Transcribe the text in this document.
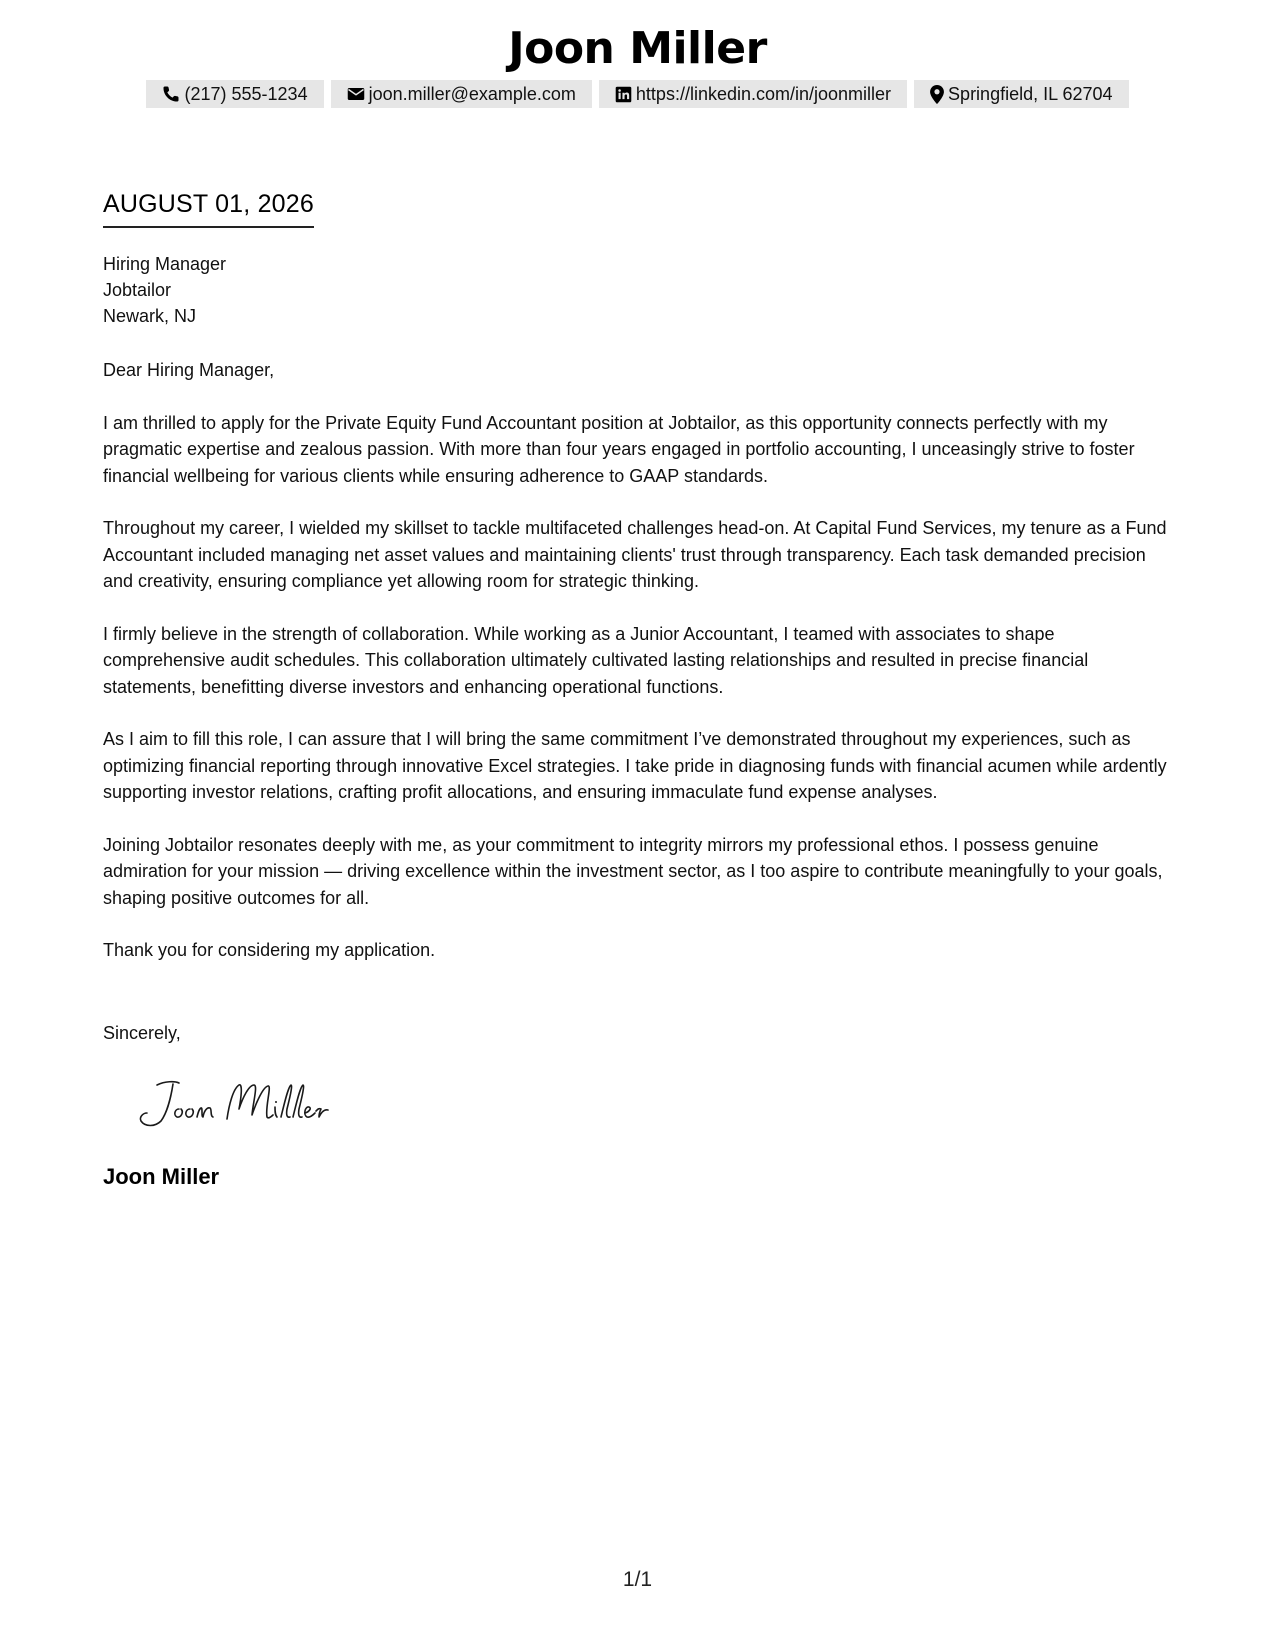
Joon Miller
(217) 555-1234	joon.miller@example.com	https://linkedin.com/in/joonmiller	Springfield, IL 62704
AUGUST 01, 2026
Hiring Manager
Jobtailor
Newark, NJ

Dear Hiring Manager,

I am thrilled to apply for the Private Equity Fund Accountant position at Jobtailor, as this opportunity connects perfectly with my pragmatic expertise and zealous passion. With more than four years engaged in portfolio accounting, I unceasingly strive to foster financial wellbeing for various clients while ensuring adherence to GAAP standards.

Throughout my career, I wielded my skillset to tackle multifaceted challenges head-on. At Capital Fund Services, my tenure as a Fund Accountant included managing net asset values and maintaining clients' trust through transparency. Each task demanded precision and creativity, ensuring compliance yet allowing room for strategic thinking.

I firmly believe in the strength of collaboration. While working as a Junior Accountant, I teamed with associates to shape comprehensive audit schedules. This collaboration ultimately cultivated lasting relationships and resulted in precise financial statements, benefitting diverse investors and enhancing operational functions.

As I aim to fill this role, I can assure that I will bring the same commitment I’ve demonstrated throughout my experiences, such as optimizing financial reporting through innovative Excel strategies. I take pride in diagnosing funds with financial acumen while ardently supporting investor relations, crafting profit allocations, and ensuring immaculate fund expense analyses.

Joining Jobtailor resonates deeply with me, as your commitment to integrity mirrors my professional ethos. I possess genuine admiration for your mission — driving excellence within the investment sector, as I too aspire to contribute meaningfully to your goals, shaping positive outcomes for all.

Thank you for considering my application.

Sincerely,
Joon Miller
1/1
